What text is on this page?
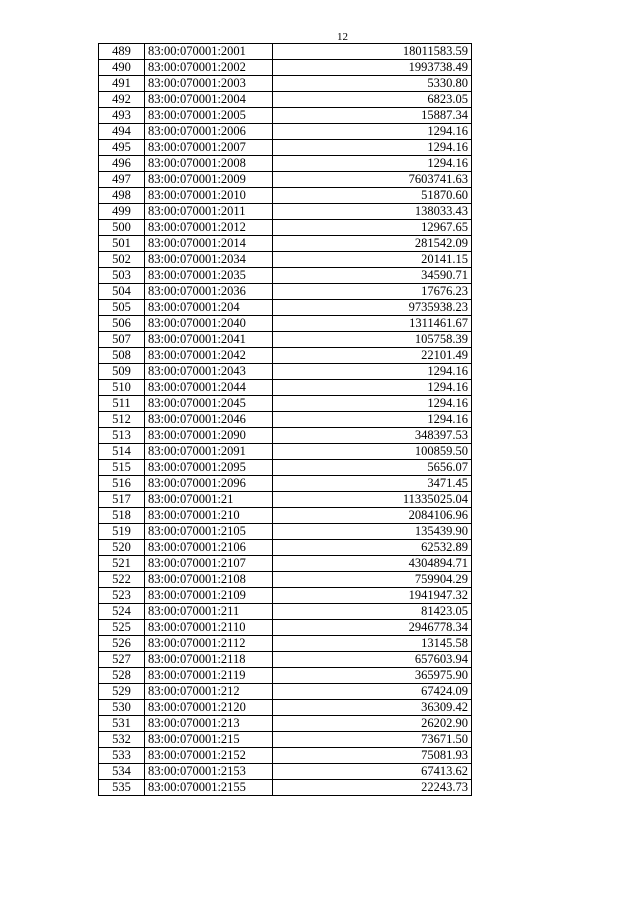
12
489	83:00:070001:2001	18011583.59
490	83:00:070001:2002	1993738.49
491	83:00:070001:2003	5330.80
492	83:00:070001:2004	6823.05
493	83:00:070001:2005	15887.34
494	83:00:070001:2006	1294.16
495	83:00:070001:2007	1294.16
496	83:00:070001:2008	1294.16
497	83:00:070001:2009	7603741.63
498	83:00:070001:2010	51870.60
499	83:00:070001:2011	138033.43
500	83:00:070001:2012	12967.65
501	83:00:070001:2014	281542.09
502	83:00:070001:2034	20141.15
503	83:00:070001:2035	34590.71
504	83:00:070001:2036	17676.23
505	83:00:070001:204	9735938.23
506	83:00:070001:2040	1311461.67
507	83:00:070001:2041	105758.39
508	83:00:070001:2042	22101.49
509	83:00:070001:2043	1294.16
510	83:00:070001:2044	1294.16
511	83:00:070001:2045	1294.16
512	83:00:070001:2046	1294.16
513	83:00:070001:2090	348397.53
514	83:00:070001:2091	100859.50
515	83:00:070001:2095	5656.07
516	83:00:070001:2096	3471.45
517	83:00:070001:21	11335025.04
518	83:00:070001:210	2084106.96
519	83:00:070001:2105	135439.90
520	83:00:070001:2106	62532.89
521	83:00:070001:2107	4304894.71
522	83:00:070001:2108	759904.29
523	83:00:070001:2109	1941947.32
524	83:00:070001:211	81423.05
525	83:00:070001:2110	2946778.34
526	83:00:070001:2112	13145.58
527	83:00:070001:2118	657603.94
528	83:00:070001:2119	365975.90
529	83:00:070001:212	67424.09
530	83:00:070001:2120	36309.42
531	83:00:070001:213	26202.90
532	83:00:070001:215	73671.50
533	83:00:070001:2152	75081.93
534	83:00:070001:2153	67413.62
535	83:00:070001:2155	22243.73
